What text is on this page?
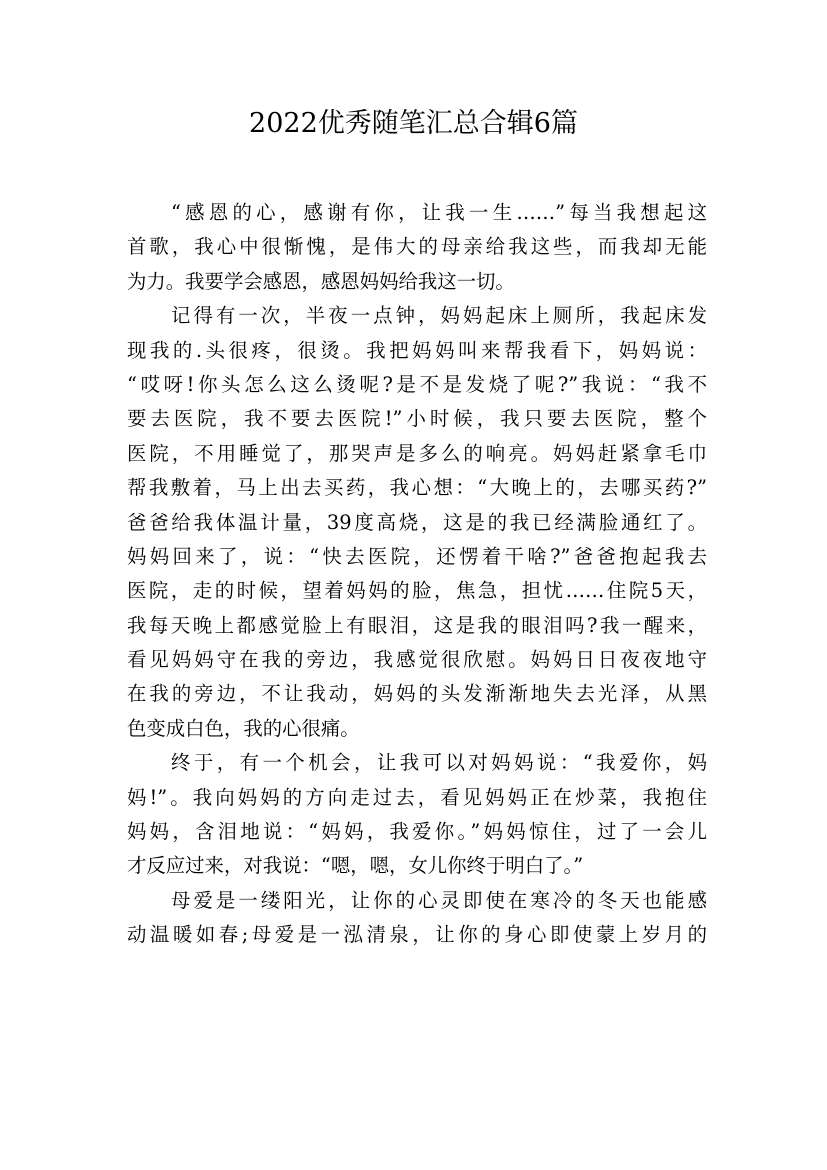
2022优秀随笔汇总合辑6篇
“感恩的心，感谢有你，让我一生……”每当我想起这
首歌，我心中很惭愧，是伟大的母亲给我这些，而我却无能
为力。我要学会感恩，感恩妈妈给我这一切。
记得有一次，半夜一点钟，妈妈起床上厕所，我起床发
现我的.头很疼，很烫。我把妈妈叫来帮我看下，妈妈说：
“哎呀!你头怎么这么烫呢?是不是发烧了呢?”我说：“我不
要去医院，我不要去医院!”小时候，我只要去医院，整个
医院，不用睡觉了，那哭声是多么的响亮。妈妈赶紧拿毛巾
帮我敷着，马上出去买药，我心想：“大晚上的，去哪买药?”
爸爸给我体温计量，39度高烧，这是的我已经满脸通红了。
妈妈回来了，说：“快去医院，还愣着干啥?”爸爸抱起我去
医院，走的时候，望着妈妈的脸，焦急，担忧……住院5天，
我每天晚上都感觉脸上有眼泪，这是我的眼泪吗?我一醒来，
看见妈妈守在我的旁边，我感觉很欣慰。妈妈日日夜夜地守
在我的旁边，不让我动，妈妈的头发渐渐地失去光泽，从黑
色变成白色，我的心很痛。
终于，有一个机会，让我可以对妈妈说：“我爱你，妈
妈!”。我向妈妈的方向走过去，看见妈妈正在炒菜，我抱住
妈妈，含泪地说：“妈妈，我爱你。”妈妈惊住，过了一会儿
才反应过来，对我说：“嗯，嗯，女儿你终于明白了。”
母爱是一缕阳光，让你的心灵即使在寒冷的冬天也能感
动温暖如春;母爱是一泓清泉，让你的身心即使蒙上岁月的
